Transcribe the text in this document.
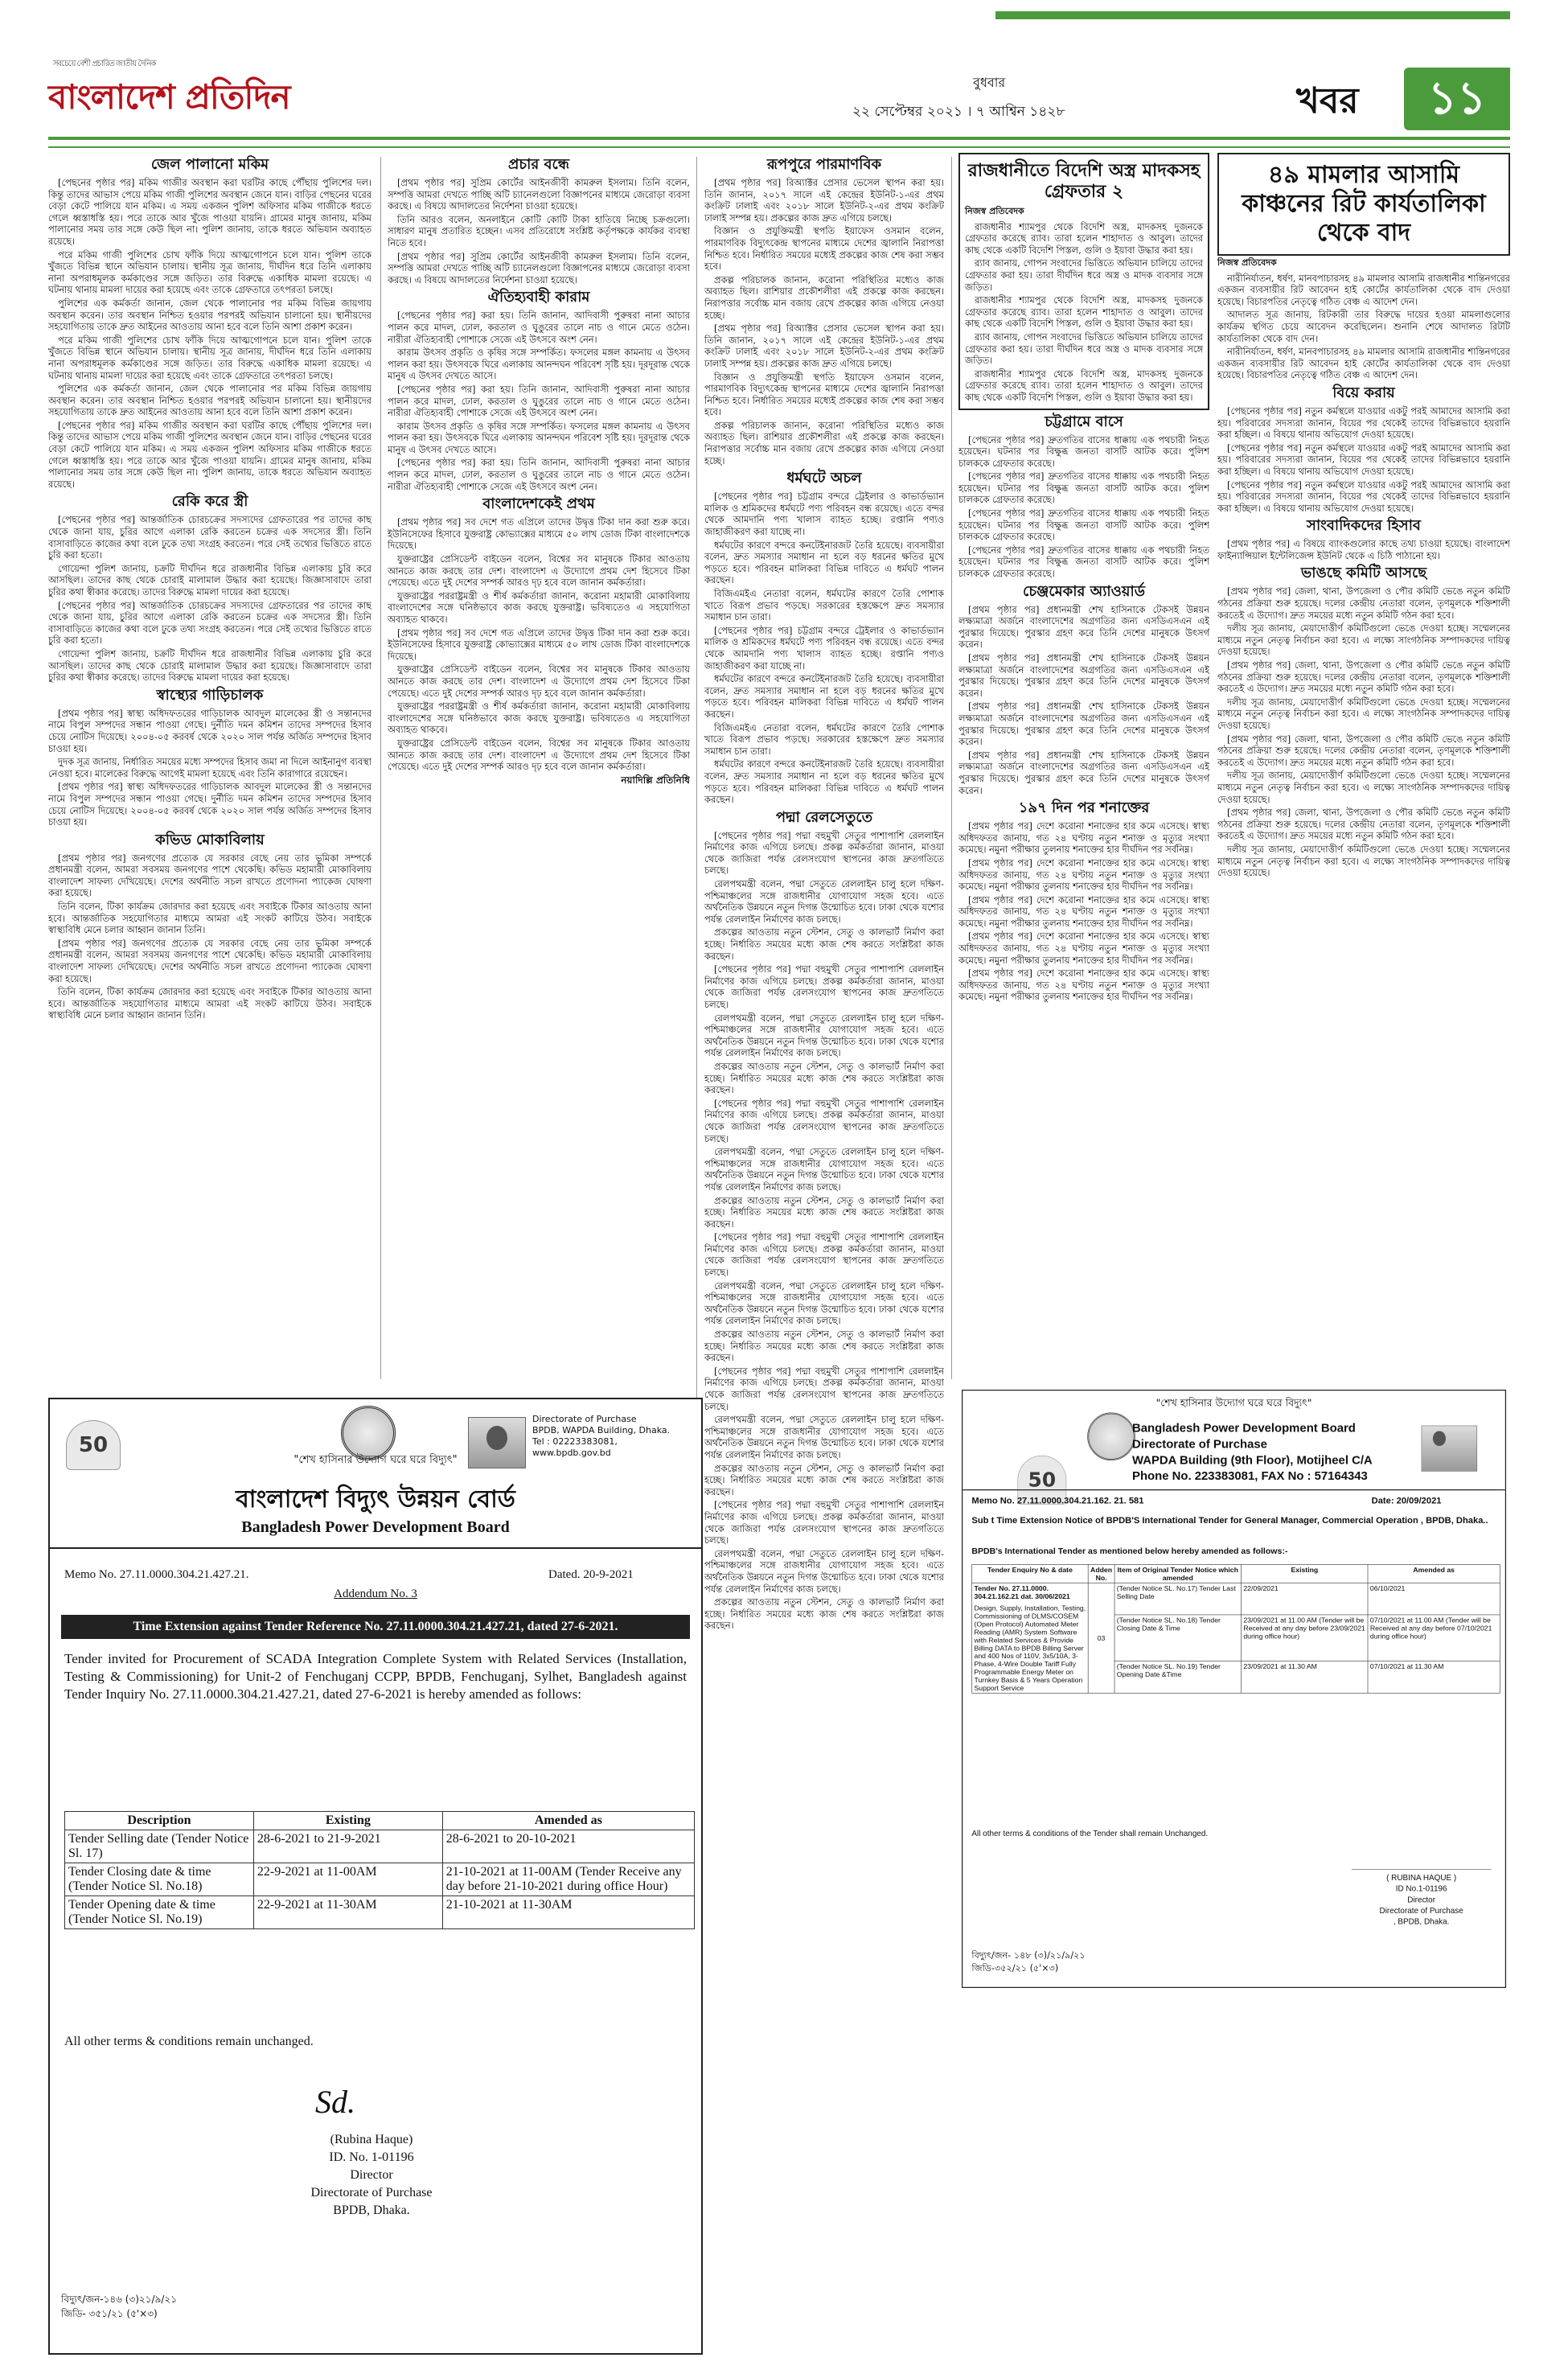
সবচেয়ে বেশী প্রচারিত জাতীয় দৈনিক
বাংলাদেশ প্রতিদিন	বুধবার
২২ সেপ্টেম্বর ২০২১ । ৭ আশ্বিন ১৪২৮	খবর	১১
জেল পালানো মকিম

[পেছনের পৃষ্ঠার পর] মকিম গাজীর অবস্থান করা ঘরটির কাছে পৌঁছায় পুলিশের দল। কিন্তু তাদের আভাস পেয়ে মকিম গাজী পুলিশের অবস্থান জেনে যান। বাড়ির পেছনের ঘরের বেড়া কেটে পালিয়ে যান মকিম। এ সময় একজন পুলিশ অফিসার মকিম গাজীকে ধরতে গেলে ধ্বস্তাধস্তি হয়। পরে তাকে আর খুঁজে পাওয়া যায়নি। গ্রামের মানুষ জানায়, মকিম পালানোর সময় তার সঙ্গে কেউ ছিল না। পুলিশ জানায়, তাকে ধরতে অভিযান অব্যাহত রয়েছে।

পরে মকিম গাজী পুলিশের চোখ ফাঁকি দিয়ে আত্মগোপনে চলে যান। পুলিশ তাকে খুঁজতে বিভিন্ন স্থানে অভিযান চালায়। স্থানীয় সূত্র জানায়, দীর্ঘদিন ধরে তিনি এলাকায় নানা অপরাধমূলক কর্মকাণ্ডের সঙ্গে জড়িত। তার বিরুদ্ধে একাধিক মামলা রয়েছে। এ ঘটনায় থানায় মামলা দায়ের করা হয়েছে এবং তাকে গ্রেফতারে তৎপরতা চলছে।

পুলিশের এক কর্মকর্তা জানান, জেল থেকে পালানোর পর মকিম বিভিন্ন জায়গায় অবস্থান করেন। তার অবস্থান নিশ্চিত হওয়ার পরপরই অভিযান চালানো হয়। স্থানীয়দের সহযোগিতায় তাকে দ্রুত আইনের আওতায় আনা হবে বলে তিনি আশা প্রকাশ করেন।

পরে মকিম গাজী পুলিশের চোখ ফাঁকি দিয়ে আত্মগোপনে চলে যান। পুলিশ তাকে খুঁজতে বিভিন্ন স্থানে অভিযান চালায়। স্থানীয় সূত্র জানায়, দীর্ঘদিন ধরে তিনি এলাকায় নানা অপরাধমূলক কর্মকাণ্ডের সঙ্গে জড়িত। তার বিরুদ্ধে একাধিক মামলা রয়েছে। এ ঘটনায় থানায় মামলা দায়ের করা হয়েছে এবং তাকে গ্রেফতারে তৎপরতা চলছে।

পুলিশের এক কর্মকর্তা জানান, জেল থেকে পালানোর পর মকিম বিভিন্ন জায়গায় অবস্থান করেন। তার অবস্থান নিশ্চিত হওয়ার পরপরই অভিযান চালানো হয়। স্থানীয়দের সহযোগিতায় তাকে দ্রুত আইনের আওতায় আনা হবে বলে তিনি আশা প্রকাশ করেন।

[পেছনের পৃষ্ঠার পর] মকিম গাজীর অবস্থান করা ঘরটির কাছে পৌঁছায় পুলিশের দল। কিন্তু তাদের আভাস পেয়ে মকিম গাজী পুলিশের অবস্থান জেনে যান। বাড়ির পেছনের ঘরের বেড়া কেটে পালিয়ে যান মকিম। এ সময় একজন পুলিশ অফিসার মকিম গাজীকে ধরতে গেলে ধ্বস্তাধস্তি হয়। পরে তাকে আর খুঁজে পাওয়া যায়নি। গ্রামের মানুষ জানায়, মকিম পালানোর সময় তার সঙ্গে কেউ ছিল না। পুলিশ জানায়, তাকে ধরতে অভিযান অব্যাহত রয়েছে।

রেকি করে স্ত্রী

[পেছনের পৃষ্ঠার পর] আন্তর্জাতিক চোরচক্রের সদস্যদের গ্রেফতারের পর তাদের কাছ থেকে জানা যায়, চুরির আগে এলাকা রেকি করতেন চক্রের এক সদস্যের স্ত্রী। তিনি বাসাবাড়িতে কাজের কথা বলে ঢুকে তথ্য সংগ্রহ করতেন। পরে সেই তথ্যের ভিত্তিতে রাতে চুরি করা হতো।

গোয়েন্দা পুলিশ জানায়, চক্রটি দীর্ঘদিন ধরে রাজধানীর বিভিন্ন এলাকায় চুরি করে আসছিল। তাদের কাছ থেকে চোরাই মালামাল উদ্ধার করা হয়েছে। জিজ্ঞাসাবাদে তারা চুরির কথা স্বীকার করেছে। তাদের বিরুদ্ধে মামলা দায়ের করা হয়েছে।

[পেছনের পৃষ্ঠার পর] আন্তর্জাতিক চোরচক্রের সদস্যদের গ্রেফতারের পর তাদের কাছ থেকে জানা যায়, চুরির আগে এলাকা রেকি করতেন চক্রের এক সদস্যের স্ত্রী। তিনি বাসাবাড়িতে কাজের কথা বলে ঢুকে তথ্য সংগ্রহ করতেন। পরে সেই তথ্যের ভিত্তিতে রাতে চুরি করা হতো।

গোয়েন্দা পুলিশ জানায়, চক্রটি দীর্ঘদিন ধরে রাজধানীর বিভিন্ন এলাকায় চুরি করে আসছিল। তাদের কাছ থেকে চোরাই মালামাল উদ্ধার করা হয়েছে। জিজ্ঞাসাবাদে তারা চুরির কথা স্বীকার করেছে। তাদের বিরুদ্ধে মামলা দায়ের করা হয়েছে।

স্বাস্থ্যের গাড়িচালক

[প্রথম পৃষ্ঠার পর] স্বাস্থ্য অধিদফতরের গাড়িচালক আবদুল মালেকের স্ত্রী ও সন্তানদের নামে বিপুল সম্পদের সন্ধান পাওয়া গেছে। দুর্নীতি দমন কমিশন তাদের সম্পদের হিসাব চেয়ে নোটিস দিয়েছে। ২০০৪-০৫ করবর্ষ থেকে ২০২০ সাল পর্যন্ত অর্জিত সম্পদের হিসাব চাওয়া হয়।

দুদক সূত্র জানায়, নির্ধারিত সময়ের মধ্যে সম্পদের হিসাব জমা না দিলে আইনানুগ ব্যবস্থা নেওয়া হবে। মালেকের বিরুদ্ধে আগেই মামলা হয়েছে এবং তিনি কারাগারে রয়েছেন।

[প্রথম পৃষ্ঠার পর] স্বাস্থ্য অধিদফতরের গাড়িচালক আবদুল মালেকের স্ত্রী ও সন্তানদের নামে বিপুল সম্পদের সন্ধান পাওয়া গেছে। দুর্নীতি দমন কমিশন তাদের সম্পদের হিসাব চেয়ে নোটিস দিয়েছে। ২০০৪-০৫ করবর্ষ থেকে ২০২০ সাল পর্যন্ত অর্জিত সম্পদের হিসাব চাওয়া হয়।

কভিড মোকাবিলায়

[প্রথম পৃষ্ঠার পর] জনগণের প্রত্যেক যে সরকার বেছে নেয় তার ভূমিকা সম্পর্কে প্রধানমন্ত্রী বলেন, আমরা সবসময় জনগণের পাশে থেকেছি। কভিড মহামারী মোকাবিলায় বাংলাদেশ সাফল্য দেখিয়েছে। দেশের অর্থনীতি সচল রাখতে প্রণোদনা প্যাকেজ ঘোষণা করা হয়েছে।

তিনি বলেন, টিকা কার্যক্রম জোরদার করা হয়েছে এবং সবাইকে টিকার আওতায় আনা হবে। আন্তর্জাতিক সহযোগিতার মাধ্যমে আমরা এই সংকট কাটিয়ে উঠব। সবাইকে স্বাস্থ্যবিধি মেনে চলার আহ্বান জানান তিনি।

[প্রথম পৃষ্ঠার পর] জনগণের প্রত্যেক যে সরকার বেছে নেয় তার ভূমিকা সম্পর্কে প্রধানমন্ত্রী বলেন, আমরা সবসময় জনগণের পাশে থেকেছি। কভিড মহামারী মোকাবিলায় বাংলাদেশ সাফল্য দেখিয়েছে। দেশের অর্থনীতি সচল রাখতে প্রণোদনা প্যাকেজ ঘোষণা করা হয়েছে।

তিনি বলেন, টিকা কার্যক্রম জোরদার করা হয়েছে এবং সবাইকে টিকার আওতায় আনা হবে। আন্তর্জাতিক সহযোগিতার মাধ্যমে আমরা এই সংকট কাটিয়ে উঠব। সবাইকে স্বাস্থ্যবিধি মেনে চলার আহ্বান জানান তিনি।

প্রচার বন্ধে

[প্রথম পৃষ্ঠার পর] সুপ্রিম কোর্টের আইনজীবী কামরুল ইসলাম। তিনি বলেন, সম্পত্তি আমরা দেখতে পাচ্ছি অটি চ্যানেলগুলো বিজ্ঞাপনের মাধ্যমে জেরোড়া ব্যবসা করছে। এ বিষয়ে আদালতের নির্দেশনা চাওয়া হয়েছে।

তিনি আরও বলেন, অনলাইনে কোটি কোটি টাকা হাতিয়ে নিচ্ছে চক্রগুলো। সাধারণ মানুষ প্রতারিত হচ্ছেন। এসব প্রতিরোধে সংশ্লিষ্ট কর্তৃপক্ষকে কার্যকর ব্যবস্থা নিতে হবে।

[প্রথম পৃষ্ঠার পর] সুপ্রিম কোর্টের আইনজীবী কামরুল ইসলাম। তিনি বলেন, সম্পত্তি আমরা দেখতে পাচ্ছি অটি চ্যানেলগুলো বিজ্ঞাপনের মাধ্যমে জেরোড়া ব্যবসা করছে। এ বিষয়ে আদালতের নির্দেশনা চাওয়া হয়েছে।

ঐতিহ্যবাহী কারাম

[পেছনের পৃষ্ঠার পর] করা হয়। তিনি জানান, আদিবাসী পুরুষরা নানা আচার পালন করে মাদল, ঢোল, করতাল ও ঘুঙুরের তালে নাচ ও গানে মেতে ওঠেন। নারীরা ঐতিহ্যবাহী পোশাকে সেজে এই উৎসবে অংশ নেন।

কারাম উৎসব প্রকৃতি ও কৃষির সঙ্গে সম্পর্কিত। ফসলের মঙ্গল কামনায় এ উৎসব পালন করা হয়। উৎসবকে ঘিরে এলাকায় আনন্দঘন পরিবেশ সৃষ্টি হয়। দূরদূরান্ত থেকে মানুষ এ উৎসব দেখতে আসে।

[পেছনের পৃষ্ঠার পর] করা হয়। তিনি জানান, আদিবাসী পুরুষরা নানা আচার পালন করে মাদল, ঢোল, করতাল ও ঘুঙুরের তালে নাচ ও গানে মেতে ওঠেন। নারীরা ঐতিহ্যবাহী পোশাকে সেজে এই উৎসবে অংশ নেন।

কারাম উৎসব প্রকৃতি ও কৃষির সঙ্গে সম্পর্কিত। ফসলের মঙ্গল কামনায় এ উৎসব পালন করা হয়। উৎসবকে ঘিরে এলাকায় আনন্দঘন পরিবেশ সৃষ্টি হয়। দূরদূরান্ত থেকে মানুষ এ উৎসব দেখতে আসে।

[পেছনের পৃষ্ঠার পর] করা হয়। তিনি জানান, আদিবাসী পুরুষরা নানা আচার পালন করে মাদল, ঢোল, করতাল ও ঘুঙুরের তালে নাচ ও গানে মেতে ওঠেন। নারীরা ঐতিহ্যবাহী পোশাকে সেজে এই উৎসবে অংশ নেন।

বাংলাদেশকেই প্রথম

[প্রথম পৃষ্ঠার পর] সব দেশে গত এপ্রিলে তাদের উদ্বৃত্ত টিকা দান করা শুরু করে। ইউনিসেফের হিসাবে যুক্তরাষ্ট্র কোভ্যাক্সের মাধ্যমে ৫০ লাখ ডোজ টিকা বাংলাদেশকে দিয়েছে।

যুক্তরাষ্ট্রের প্রেসিডেন্ট বাইডেন বলেন, বিশ্বের সব মানুষকে টিকার আওতায় আনতে কাজ করছে তার দেশ। বাংলাদেশ এ উদ্যোগে প্রথম দেশ হিসেবে টিকা পেয়েছে। এতে দুই দেশের সম্পর্ক আরও দৃঢ় হবে বলে জানান কর্মকর্তারা।

যুক্তরাষ্ট্রের পররাষ্ট্রমন্ত্রী ও শীর্ষ কর্মকর্তারা জানান, করোনা মহামারী মোকাবিলায় বাংলাদেশের সঙ্গে ঘনিষ্ঠভাবে কাজ করছে যুক্তরাষ্ট্র। ভবিষ্যতেও এ সহযোগিতা অব্যাহত থাকবে।

[প্রথম পৃষ্ঠার পর] সব দেশে গত এপ্রিলে তাদের উদ্বৃত্ত টিকা দান করা শুরু করে। ইউনিসেফের হিসাবে যুক্তরাষ্ট্র কোভ্যাক্সের মাধ্যমে ৫০ লাখ ডোজ টিকা বাংলাদেশকে দিয়েছে।

যুক্তরাষ্ট্রের প্রেসিডেন্ট বাইডেন বলেন, বিশ্বের সব মানুষকে টিকার আওতায় আনতে কাজ করছে তার দেশ। বাংলাদেশ এ উদ্যোগে প্রথম দেশ হিসেবে টিকা পেয়েছে। এতে দুই দেশের সম্পর্ক আরও দৃঢ় হবে বলে জানান কর্মকর্তারা।

যুক্তরাষ্ট্রের পররাষ্ট্রমন্ত্রী ও শীর্ষ কর্মকর্তারা জানান, করোনা মহামারী মোকাবিলায় বাংলাদেশের সঙ্গে ঘনিষ্ঠভাবে কাজ করছে যুক্তরাষ্ট্র। ভবিষ্যতেও এ সহযোগিতা অব্যাহত থাকবে।

যুক্তরাষ্ট্রের প্রেসিডেন্ট বাইডেন বলেন, বিশ্বের সব মানুষকে টিকার আওতায় আনতে কাজ করছে তার দেশ। বাংলাদেশ এ উদ্যোগে প্রথম দেশ হিসেবে টিকা পেয়েছে। এতে দুই দেশের সম্পর্ক আরও দৃঢ় হবে বলে জানান কর্মকর্তারা।

নয়াদিল্লি প্রতিনিধি
রূপপুরে পারমাণবিক

[প্রথম পৃষ্ঠার পর] রিঅ্যাক্টর প্রেসার ভেসেল স্থাপন করা হয়। তিনি জানান, ২০১৭ সালে এই কেন্দ্রের ইউনিট-১-এর প্রথম কংক্রিট ঢালাই এবং ২০১৮ সালে ইউনিট-২-এর প্রথম কংক্রিট ঢালাই সম্পন্ন হয়। প্রকল্পের কাজ দ্রুত এগিয়ে চলছে।

বিজ্ঞান ও প্রযুক্তিমন্ত্রী স্থপতি ইয়াফেস ওসমান বলেন, পারমাণবিক বিদ্যুৎকেন্দ্র স্থাপনের মাধ্যমে দেশের জ্বালানি নিরাপত্তা নিশ্চিত হবে। নির্ধারিত সময়ের মধ্যেই প্রকল্পের কাজ শেষ করা সম্ভব হবে।

প্রকল্প পরিচালক জানান, করোনা পরিস্থিতির মধ্যেও কাজ অব্যাহত ছিল। রাশিয়ার প্রকৌশলীরা এই প্রকল্পে কাজ করছেন। নিরাপত্তার সর্বোচ্চ মান বজায় রেখে প্রকল্পের কাজ এগিয়ে নেওয়া হচ্ছে।

[প্রথম পৃষ্ঠার পর] রিঅ্যাক্টর প্রেসার ভেসেল স্থাপন করা হয়। তিনি জানান, ২০১৭ সালে এই কেন্দ্রের ইউনিট-১-এর প্রথম কংক্রিট ঢালাই এবং ২০১৮ সালে ইউনিট-২-এর প্রথম কংক্রিট ঢালাই সম্পন্ন হয়। প্রকল্পের কাজ দ্রুত এগিয়ে চলছে।

বিজ্ঞান ও প্রযুক্তিমন্ত্রী স্থপতি ইয়াফেস ওসমান বলেন, পারমাণবিক বিদ্যুৎকেন্দ্র স্থাপনের মাধ্যমে দেশের জ্বালানি নিরাপত্তা নিশ্চিত হবে। নির্ধারিত সময়ের মধ্যেই প্রকল্পের কাজ শেষ করা সম্ভব হবে।

প্রকল্প পরিচালক জানান, করোনা পরিস্থিতির মধ্যেও কাজ অব্যাহত ছিল। রাশিয়ার প্রকৌশলীরা এই প্রকল্পে কাজ করছেন। নিরাপত্তার সর্বোচ্চ মান বজায় রেখে প্রকল্পের কাজ এগিয়ে নেওয়া হচ্ছে।

ধর্মঘটে অচল

[পেছনের পৃষ্ঠার পর] চট্টগ্রাম বন্দরে ট্রেইলার ও কাভার্ডভ্যান মালিক ও শ্রমিকদের ধর্মঘটে পণ্য পরিবহন বন্ধ রয়েছে। এতে বন্দর থেকে আমদানি পণ্য খালাস ব্যাহত হচ্ছে। রপ্তানি পণ্যও জাহাজীকরণ করা যাচ্ছে না।

ধর্মঘটের কারণে বন্দরে কনটেইনারজট তৈরি হয়েছে। ব্যবসায়ীরা বলেন, দ্রুত সমস্যার সমাধান না হলে বড় ধরনের ক্ষতির মুখে পড়তে হবে। পরিবহন মালিকরা বিভিন্ন দাবিতে এ ধর্মঘট পালন করছেন।

বিজিএমইএ নেতারা বলেন, ধর্মঘটের কারণে তৈরি পোশাক খাতে বিরূপ প্রভাব পড়ছে। সরকারের হস্তক্ষেপে দ্রুত সমস্যার সমাধান চান তারা।

[পেছনের পৃষ্ঠার পর] চট্টগ্রাম বন্দরে ট্রেইলার ও কাভার্ডভ্যান মালিক ও শ্রমিকদের ধর্মঘটে পণ্য পরিবহন বন্ধ রয়েছে। এতে বন্দর থেকে আমদানি পণ্য খালাস ব্যাহত হচ্ছে। রপ্তানি পণ্যও জাহাজীকরণ করা যাচ্ছে না।

ধর্মঘটের কারণে বন্দরে কনটেইনারজট তৈরি হয়েছে। ব্যবসায়ীরা বলেন, দ্রুত সমস্যার সমাধান না হলে বড় ধরনের ক্ষতির মুখে পড়তে হবে। পরিবহন মালিকরা বিভিন্ন দাবিতে এ ধর্মঘট পালন করছেন।

বিজিএমইএ নেতারা বলেন, ধর্মঘটের কারণে তৈরি পোশাক খাতে বিরূপ প্রভাব পড়ছে। সরকারের হস্তক্ষেপে দ্রুত সমস্যার সমাধান চান তারা।

ধর্মঘটের কারণে বন্দরে কনটেইনারজট তৈরি হয়েছে। ব্যবসায়ীরা বলেন, দ্রুত সমস্যার সমাধান না হলে বড় ধরনের ক্ষতির মুখে পড়তে হবে। পরিবহন মালিকরা বিভিন্ন দাবিতে এ ধর্মঘট পালন করছেন।

পদ্মা রেলসেতুতে

[পেছনের পৃষ্ঠার পর] পদ্মা বহুমুখী সেতুর পাশাপাশি রেললাইন নির্মাণের কাজ এগিয়ে চলছে। প্রকল্প কর্মকর্তারা জানান, মাওয়া থেকে জাজিরা পর্যন্ত রেলসংযোগ স্থাপনের কাজ দ্রুতগতিতে চলছে।

রেলপথমন্ত্রী বলেন, পদ্মা সেতুতে রেললাইন চালু হলে দক্ষিণ-পশ্চিমাঞ্চলের সঙ্গে রাজধানীর যোগাযোগ সহজ হবে। এতে অর্থনৈতিক উন্নয়নে নতুন দিগন্ত উন্মোচিত হবে। ঢাকা থেকে যশোর পর্যন্ত রেললাইন নির্মাণের কাজ চলছে।

প্রকল্পের আওতায় নতুন স্টেশন, সেতু ও কালভার্ট নির্মাণ করা হচ্ছে। নির্ধারিত সময়ের মধ্যে কাজ শেষ করতে সংশ্লিষ্টরা কাজ করছেন।

[পেছনের পৃষ্ঠার পর] পদ্মা বহুমুখী সেতুর পাশাপাশি রেললাইন নির্মাণের কাজ এগিয়ে চলছে। প্রকল্প কর্মকর্তারা জানান, মাওয়া থেকে জাজিরা পর্যন্ত রেলসংযোগ স্থাপনের কাজ দ্রুতগতিতে চলছে।

রেলপথমন্ত্রী বলেন, পদ্মা সেতুতে রেললাইন চালু হলে দক্ষিণ-পশ্চিমাঞ্চলের সঙ্গে রাজধানীর যোগাযোগ সহজ হবে। এতে অর্থনৈতিক উন্নয়নে নতুন দিগন্ত উন্মোচিত হবে। ঢাকা থেকে যশোর পর্যন্ত রেললাইন নির্মাণের কাজ চলছে।

প্রকল্পের আওতায় নতুন স্টেশন, সেতু ও কালভার্ট নির্মাণ করা হচ্ছে। নির্ধারিত সময়ের মধ্যে কাজ শেষ করতে সংশ্লিষ্টরা কাজ করছেন।

[পেছনের পৃষ্ঠার পর] পদ্মা বহুমুখী সেতুর পাশাপাশি রেললাইন নির্মাণের কাজ এগিয়ে চলছে। প্রকল্প কর্মকর্তারা জানান, মাওয়া থেকে জাজিরা পর্যন্ত রেলসংযোগ স্থাপনের কাজ দ্রুতগতিতে চলছে।

রেলপথমন্ত্রী বলেন, পদ্মা সেতুতে রেললাইন চালু হলে দক্ষিণ-পশ্চিমাঞ্চলের সঙ্গে রাজধানীর যোগাযোগ সহজ হবে। এতে অর্থনৈতিক উন্নয়নে নতুন দিগন্ত উন্মোচিত হবে। ঢাকা থেকে যশোর পর্যন্ত রেললাইন নির্মাণের কাজ চলছে।

প্রকল্পের আওতায় নতুন স্টেশন, সেতু ও কালভার্ট নির্মাণ করা হচ্ছে। নির্ধারিত সময়ের মধ্যে কাজ শেষ করতে সংশ্লিষ্টরা কাজ করছেন।

[পেছনের পৃষ্ঠার পর] পদ্মা বহুমুখী সেতুর পাশাপাশি রেললাইন নির্মাণের কাজ এগিয়ে চলছে। প্রকল্প কর্মকর্তারা জানান, মাওয়া থেকে জাজিরা পর্যন্ত রেলসংযোগ স্থাপনের কাজ দ্রুতগতিতে চলছে।

রেলপথমন্ত্রী বলেন, পদ্মা সেতুতে রেললাইন চালু হলে দক্ষিণ-পশ্চিমাঞ্চলের সঙ্গে রাজধানীর যোগাযোগ সহজ হবে। এতে অর্থনৈতিক উন্নয়নে নতুন দিগন্ত উন্মোচিত হবে। ঢাকা থেকে যশোর পর্যন্ত রেললাইন নির্মাণের কাজ চলছে।

প্রকল্পের আওতায় নতুন স্টেশন, সেতু ও কালভার্ট নির্মাণ করা হচ্ছে। নির্ধারিত সময়ের মধ্যে কাজ শেষ করতে সংশ্লিষ্টরা কাজ করছেন।

[পেছনের পৃষ্ঠার পর] পদ্মা বহুমুখী সেতুর পাশাপাশি রেললাইন নির্মাণের কাজ এগিয়ে চলছে। প্রকল্প কর্মকর্তারা জানান, মাওয়া থেকে জাজিরা পর্যন্ত রেলসংযোগ স্থাপনের কাজ দ্রুতগতিতে চলছে।

রেলপথমন্ত্রী বলেন, পদ্মা সেতুতে রেললাইন চালু হলে দক্ষিণ-পশ্চিমাঞ্চলের সঙ্গে রাজধানীর যোগাযোগ সহজ হবে। এতে অর্থনৈতিক উন্নয়নে নতুন দিগন্ত উন্মোচিত হবে। ঢাকা থেকে যশোর পর্যন্ত রেললাইন নির্মাণের কাজ চলছে।

প্রকল্পের আওতায় নতুন স্টেশন, সেতু ও কালভার্ট নির্মাণ করা হচ্ছে। নির্ধারিত সময়ের মধ্যে কাজ শেষ করতে সংশ্লিষ্টরা কাজ করছেন।

[পেছনের পৃষ্ঠার পর] পদ্মা বহুমুখী সেতুর পাশাপাশি রেললাইন নির্মাণের কাজ এগিয়ে চলছে। প্রকল্প কর্মকর্তারা জানান, মাওয়া থেকে জাজিরা পর্যন্ত রেলসংযোগ স্থাপনের কাজ দ্রুতগতিতে চলছে।

রেলপথমন্ত্রী বলেন, পদ্মা সেতুতে রেললাইন চালু হলে দক্ষিণ-পশ্চিমাঞ্চলের সঙ্গে রাজধানীর যোগাযোগ সহজ হবে। এতে অর্থনৈতিক উন্নয়নে নতুন দিগন্ত উন্মোচিত হবে। ঢাকা থেকে যশোর পর্যন্ত রেললাইন নির্মাণের কাজ চলছে।

প্রকল্পের আওতায় নতুন স্টেশন, সেতু ও কালভার্ট নির্মাণ করা হচ্ছে। নির্ধারিত সময়ের মধ্যে কাজ শেষ করতে সংশ্লিষ্টরা কাজ করছেন।

রাজধানীতে বিদেশি অস্ত্র মাদকসহ গ্রেফতার ২
নিজস্ব প্রতিবেদক

রাজধানীর শ্যামপুর থেকে বিদেশি অস্ত্র, মাদকসহ দুজনকে গ্রেফতার করেছে র‍্যাব। তারা হলেন শাহাদাত ও আবুল। তাদের কাছ থেকে একটি বিদেশি পিস্তল, গুলি ও ইয়াবা উদ্ধার করা হয়।

র‍্যাব জানায়, গোপন সংবাদের ভিত্তিতে অভিযান চালিয়ে তাদের গ্রেফতার করা হয়। তারা দীর্ঘদিন ধরে অস্ত্র ও মাদক ব্যবসার সঙ্গে জড়িত।

রাজধানীর শ্যামপুর থেকে বিদেশি অস্ত্র, মাদকসহ দুজনকে গ্রেফতার করেছে র‍্যাব। তারা হলেন শাহাদাত ও আবুল। তাদের কাছ থেকে একটি বিদেশি পিস্তল, গুলি ও ইয়াবা উদ্ধার করা হয়।

র‍্যাব জানায়, গোপন সংবাদের ভিত্তিতে অভিযান চালিয়ে তাদের গ্রেফতার করা হয়। তারা দীর্ঘদিন ধরে অস্ত্র ও মাদক ব্যবসার সঙ্গে জড়িত।

রাজধানীর শ্যামপুর থেকে বিদেশি অস্ত্র, মাদকসহ দুজনকে গ্রেফতার করেছে র‍্যাব। তারা হলেন শাহাদাত ও আবুল। তাদের কাছ থেকে একটি বিদেশি পিস্তল, গুলি ও ইয়াবা উদ্ধার করা হয়।

চট্টগ্রামে বাসে

[পেছনের পৃষ্ঠার পর] দ্রুতগতির বাসের ধাক্কায় এক পথচারী নিহত হয়েছেন। ঘটনার পর বিক্ষুব্ধ জনতা বাসটি আটক করে। পুলিশ চালককে গ্রেফতার করেছে।

[পেছনের পৃষ্ঠার পর] দ্রুতগতির বাসের ধাক্কায় এক পথচারী নিহত হয়েছেন। ঘটনার পর বিক্ষুব্ধ জনতা বাসটি আটক করে। পুলিশ চালককে গ্রেফতার করেছে।

[পেছনের পৃষ্ঠার পর] দ্রুতগতির বাসের ধাক্কায় এক পথচারী নিহত হয়েছেন। ঘটনার পর বিক্ষুব্ধ জনতা বাসটি আটক করে। পুলিশ চালককে গ্রেফতার করেছে।

[পেছনের পৃষ্ঠার পর] দ্রুতগতির বাসের ধাক্কায় এক পথচারী নিহত হয়েছেন। ঘটনার পর বিক্ষুব্ধ জনতা বাসটি আটক করে। পুলিশ চালককে গ্রেফতার করেছে।

চেঞ্জমেকার অ্যাওয়ার্ড

[প্রথম পৃষ্ঠার পর] প্রধানমন্ত্রী শেখ হাসিনাকে টেকসই উন্নয়ন লক্ষ্যমাত্রা অর্জনে বাংলাদেশের অগ্রগতির জন্য এসডিএসএন এই পুরস্কার দিয়েছে। পুরস্কার গ্রহণ করে তিনি দেশের মানুষকে উৎসর্গ করেন।

[প্রথম পৃষ্ঠার পর] প্রধানমন্ত্রী শেখ হাসিনাকে টেকসই উন্নয়ন লক্ষ্যমাত্রা অর্জনে বাংলাদেশের অগ্রগতির জন্য এসডিএসএন এই পুরস্কার দিয়েছে। পুরস্কার গ্রহণ করে তিনি দেশের মানুষকে উৎসর্গ করেন।

[প্রথম পৃষ্ঠার পর] প্রধানমন্ত্রী শেখ হাসিনাকে টেকসই উন্নয়ন লক্ষ্যমাত্রা অর্জনে বাংলাদেশের অগ্রগতির জন্য এসডিএসএন এই পুরস্কার দিয়েছে। পুরস্কার গ্রহণ করে তিনি দেশের মানুষকে উৎসর্গ করেন।

[প্রথম পৃষ্ঠার পর] প্রধানমন্ত্রী শেখ হাসিনাকে টেকসই উন্নয়ন লক্ষ্যমাত্রা অর্জনে বাংলাদেশের অগ্রগতির জন্য এসডিএসএন এই পুরস্কার দিয়েছে। পুরস্কার গ্রহণ করে তিনি দেশের মানুষকে উৎসর্গ করেন।

১৯৭ দিন পর শনাক্তের

[প্রথম পৃষ্ঠার পর] দেশে করোনা শনাক্তের হার কমে এসেছে। স্বাস্থ্য অধিদফতর জানায়, গত ২৪ ঘণ্টায় নতুন শনাক্ত ও মৃত্যুর সংখ্যা কমেছে। নমুনা পরীক্ষার তুলনায় শনাক্তের হার দীর্ঘদিন পর সর্বনিম্ন।

[প্রথম পৃষ্ঠার পর] দেশে করোনা শনাক্তের হার কমে এসেছে। স্বাস্থ্য অধিদফতর জানায়, গত ২৪ ঘণ্টায় নতুন শনাক্ত ও মৃত্যুর সংখ্যা কমেছে। নমুনা পরীক্ষার তুলনায় শনাক্তের হার দীর্ঘদিন পর সর্বনিম্ন।

[প্রথম পৃষ্ঠার পর] দেশে করোনা শনাক্তের হার কমে এসেছে। স্বাস্থ্য অধিদফতর জানায়, গত ২৪ ঘণ্টায় নতুন শনাক্ত ও মৃত্যুর সংখ্যা কমেছে। নমুনা পরীক্ষার তুলনায় শনাক্তের হার দীর্ঘদিন পর সর্বনিম্ন।

[প্রথম পৃষ্ঠার পর] দেশে করোনা শনাক্তের হার কমে এসেছে। স্বাস্থ্য অধিদফতর জানায়, গত ২৪ ঘণ্টায় নতুন শনাক্ত ও মৃত্যুর সংখ্যা কমেছে। নমুনা পরীক্ষার তুলনায় শনাক্তের হার দীর্ঘদিন পর সর্বনিম্ন।

[প্রথম পৃষ্ঠার পর] দেশে করোনা শনাক্তের হার কমে এসেছে। স্বাস্থ্য অধিদফতর জানায়, গত ২৪ ঘণ্টায় নতুন শনাক্ত ও মৃত্যুর সংখ্যা কমেছে। নমুনা পরীক্ষার তুলনায় শনাক্তের হার দীর্ঘদিন পর সর্বনিম্ন।

৪৯ মামলার আসামি কাঞ্চনের রিট কার্যতালিকা থেকে বাদ
নিজস্ব প্রতিবেদক

নারীনির্যাতন, ধর্ষণ, মানবপাচারসহ ৪৯ মামলার আসামি রাজধানীর শান্তিনগরের একজন ব্যবসায়ীর রিট আবেদন হাই কোর্টের কার্যতালিকা থেকে বাদ দেওয়া হয়েছে। বিচারপতির নেতৃত্বে গঠিত বেঞ্চ এ আদেশ দেন।

আদালত সূত্র জানায়, রিটকারী তার বিরুদ্ধে দায়ের হওয়া মামলাগুলোর কার্যক্রম স্থগিত চেয়ে আবেদন করেছিলেন। শুনানি শেষে আদালত রিটটি কার্যতালিকা থেকে বাদ দেন।

নারীনির্যাতন, ধর্ষণ, মানবপাচারসহ ৪৯ মামলার আসামি রাজধানীর শান্তিনগরের একজন ব্যবসায়ীর রিট আবেদন হাই কোর্টের কার্যতালিকা থেকে বাদ দেওয়া হয়েছে। বিচারপতির নেতৃত্বে গঠিত বেঞ্চ এ আদেশ দেন।

বিয়ে করায়

[পেছনের পৃষ্ঠার পর] নতুন কর্মস্থলে যাওয়ার একটু পরই আমাদের আসামি করা হয়। পরিবারের সদস্যরা জানান, বিয়ের পর থেকেই তাদের বিভিন্নভাবে হয়রানি করা হচ্ছিল। এ বিষয়ে থানায় অভিযোগ দেওয়া হয়েছে।

[পেছনের পৃষ্ঠার পর] নতুন কর্মস্থলে যাওয়ার একটু পরই আমাদের আসামি করা হয়। পরিবারের সদস্যরা জানান, বিয়ের পর থেকেই তাদের বিভিন্নভাবে হয়রানি করা হচ্ছিল। এ বিষয়ে থানায় অভিযোগ দেওয়া হয়েছে।

[পেছনের পৃষ্ঠার পর] নতুন কর্মস্থলে যাওয়ার একটু পরই আমাদের আসামি করা হয়। পরিবারের সদস্যরা জানান, বিয়ের পর থেকেই তাদের বিভিন্নভাবে হয়রানি করা হচ্ছিল। এ বিষয়ে থানায় অভিযোগ দেওয়া হয়েছে।

সাংবাদিকদের হিসাব

[প্রথম পৃষ্ঠার পর] এ বিষয়ে ব্যাংকগুলোর কাছে তথ্য চাওয়া হয়েছে। বাংলাদেশ ফাইন্যান্সিয়াল ইন্টেলিজেন্স ইউনিট থেকে এ চিঠি পাঠানো হয়।

ভাঙছে কমিটি আসছে

[প্রথম পৃষ্ঠার পর] জেলা, থানা, উপজেলা ও পৌর কমিটি ভেঙে নতুন কমিটি গঠনের প্রক্রিয়া শুরু হয়েছে। দলের কেন্দ্রীয় নেতারা বলেন, তৃণমূলকে শক্তিশালী করতেই এ উদ্যোগ। দ্রুত সময়ের মধ্যে নতুন কমিটি গঠন করা হবে।

দলীয় সূত্র জানায়, মেয়াদোত্তীর্ণ কমিটিগুলো ভেঙে দেওয়া হচ্ছে। সম্মেলনের মাধ্যমে নতুন নেতৃত্ব নির্বাচন করা হবে। এ লক্ষ্যে সাংগঠনিক সম্পাদকদের দায়িত্ব দেওয়া হয়েছে।

[প্রথম পৃষ্ঠার পর] জেলা, থানা, উপজেলা ও পৌর কমিটি ভেঙে নতুন কমিটি গঠনের প্রক্রিয়া শুরু হয়েছে। দলের কেন্দ্রীয় নেতারা বলেন, তৃণমূলকে শক্তিশালী করতেই এ উদ্যোগ। দ্রুত সময়ের মধ্যে নতুন কমিটি গঠন করা হবে।

দলীয় সূত্র জানায়, মেয়াদোত্তীর্ণ কমিটিগুলো ভেঙে দেওয়া হচ্ছে। সম্মেলনের মাধ্যমে নতুন নেতৃত্ব নির্বাচন করা হবে। এ লক্ষ্যে সাংগঠনিক সম্পাদকদের দায়িত্ব দেওয়া হয়েছে।

[প্রথম পৃষ্ঠার পর] জেলা, থানা, উপজেলা ও পৌর কমিটি ভেঙে নতুন কমিটি গঠনের প্রক্রিয়া শুরু হয়েছে। দলের কেন্দ্রীয় নেতারা বলেন, তৃণমূলকে শক্তিশালী করতেই এ উদ্যোগ। দ্রুত সময়ের মধ্যে নতুন কমিটি গঠন করা হবে।

দলীয় সূত্র জানায়, মেয়াদোত্তীর্ণ কমিটিগুলো ভেঙে দেওয়া হচ্ছে। সম্মেলনের মাধ্যমে নতুন নেতৃত্ব নির্বাচন করা হবে। এ লক্ষ্যে সাংগঠনিক সম্পাদকদের দায়িত্ব দেওয়া হয়েছে।

[প্রথম পৃষ্ঠার পর] জেলা, থানা, উপজেলা ও পৌর কমিটি ভেঙে নতুন কমিটি গঠনের প্রক্রিয়া শুরু হয়েছে। দলের কেন্দ্রীয় নেতারা বলেন, তৃণমূলকে শক্তিশালী করতেই এ উদ্যোগ। দ্রুত সময়ের মধ্যে নতুন কমিটি গঠন করা হবে।

দলীয় সূত্র জানায়, মেয়াদোত্তীর্ণ কমিটিগুলো ভেঙে দেওয়া হচ্ছে। সম্মেলনের মাধ্যমে নতুন নেতৃত্ব নির্বাচন করা হবে। এ লক্ষ্যে সাংগঠনিক সম্পাদকদের দায়িত্ব দেওয়া হয়েছে।

50
Directorate of Purchase
BPDB, WAPDA Building, Dhaka.
Tel : 02223383081,
www.bpdb.gov.bd
"শেখ হাসিনার উদ্যোগ ঘরে ঘরে বিদ্যুৎ"
বাংলাদেশ বিদ্যুৎ উন্নয়ন বোর্ড
Bangladesh Power Development Board
Memo No. 27.11.0000.304.21.427.21.	Dated. 20-9-2021
Addendum No. 3
Time Extension against Tender Reference No. 27.11.0000.304.21.427.21, dated 27-6-2021.
Tender invited for Procurement of SCADA Integration Complete System with Related Services (Installation, Testing & Commissioning) for Unit-2 of Fenchuganj CCPP, BPDB, Fenchuganj, Sylhet, Bangladesh against Tender Inquiry No. 27.11.0000.304.21.427.21, dated 27-6-2021 is hereby amended as follows:
Description	Existing	Amended as
Tender Selling date (Tender Notice Sl. 17)	28-6-2021 to 21-9-2021	28-6-2021 to 20-10-2021
Tender Closing date & time (Tender Notice Sl. No.18)	22-9-2021 at 11-00AM	21-10-2021 at 11-00AM (Tender Receive any day before 21-10-2021 during office Hour)
Tender Opening date & time (Tender Notice Sl. No.19)	22-9-2021 at 11-30AM	21-10-2021 at 11-30AM
All other terms & conditions remain unchanged.
Sd.
(Rubina Haque)
ID. No. 1-01196
Director
Directorate of Purchase
BPDB, Dhaka.
বিদ্যুৎ/জন-১৪৬ (৩)২১/৯/২১
জিডি- ৩৫১/২১ (৫'×৩)
"শেখ হাসিনার উদ্যোগ ঘরে ঘরে বিদ্যুৎ"
50
Bangladesh Power Development Board
Directorate of Purchase
WAPDA Building (9th Floor), Motijheel C/A
Phone No. 223383081, FAX No : 57164343
Memo No. 27.11.0000.304.21.162. 21. 581	Date: 20/09/2021
Sub t Time Extension Notice of BPDB'S International Tender for General Manager, Commercial Operation , BPDB, Dhaka..
BPDB's International Tender as mentioned below hereby amended as follows:-
Tender Enquiry No & date	Adden No.	Item of Original Tender Notice which amended	Existing	Amended as

Tender No. 27.11.0000. 304.21.162.21 dat. 30/06/2021
Design, Supply, Installation, Testing, Commissioning of DLMS/COSEM (Open Protocol) Automated Meter Reading (AMR) System Software with Related Services & Provide Billing DATA to BPDB Billing Server and 400 Nos of 110V, 3x5/10A, 3-Phase, 4-Wire Double Tariff Fully Programmable Energy Meter on Turnkey Basis & 5 Years Operation Support Service	03	(Tender Notice SL. No.17) Tender Last Selling Date	22/09/2021	06/10/2021
		(Tender Notice SL. No.18) Tender Closing Date & Time	23/09/2021 at 11.00 AM (Tender will be Received at any day before 23/09/2021 during office hour)	07/10/2021 at 11.00 AM (Tender will be Received at any day before 07/10/2021 during office hour)
		(Tender Notice SL. No.19) Tender Opening Date &Time	23/09/2021 at 11.30 AM	07/10/2021 at 11.30 AM
All other terms & conditions of the Tender shall remain Unchanged.
( RUBINA HAQUE )
ID No.1-01196
Director
Directorate of Purchase
, BPDB, Dhaka.
বিদ্যুৎ/জন- ১৪৮ (৩)/২১/৯/২১
জিডি-৩৫২/২১ (৫'×৩)
